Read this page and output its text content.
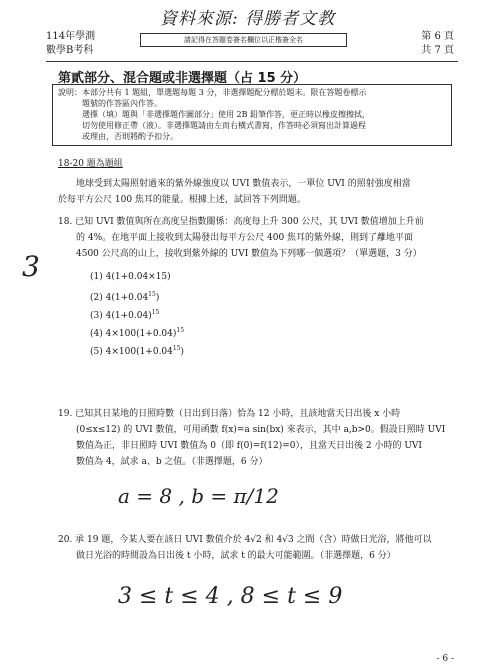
資料來源: 得勝者文教
114年學測
數學B考科
請記得在答題卷簽名欄位以正楷簽全名	第 6 頁
共 7 頁
第貳部分、混合題或非選擇題（占 15 分）
說明：本部分共有 1 題組，單選題每題 3 分，非選擇題配分標於題末。限在答題卷標示
題號的作答區內作答。
選擇（填）題與「非選擇題作圖部分」使用 2B 鉛筆作答，更正時以橡皮擦擦拭，
切勿使用修正帶（液）。非選擇題請由左而右橫式書寫，作答時必須寫出計算過程
或理由，否則將酌予扣分。
18-20 題為題組
地球受到太陽照射過來的紫外線強度以 UVI 數值表示，一單位 UVI 的照射強度相當
於每平方公尺 100 焦耳的能量。根據上述，試回答下列問題。
18. 已知 UVI 數值與所在高度呈指數關係：高度每上升 300 公尺，其 UVI 數值增加上升前
的 4%。在地平面上接收到太陽發出每平方公尺 400 焦耳的紫外線，則到了離地平面
4500 公尺高的山上，接收到紫外線的 UVI 數值為下列哪一個選項？（單選題，3 分）
3	(1) 4(1+0.04×15)
(2) $4(1+0.04^{15})$
(3) $4(1+0.04)^{15}$
(4) $4\times 100(1+0.04)^{15}$
(5) $4\times 100(1+0.04^{15})$
19. 已知其日某地的日照時數（日出到日落）恰為 12 小時，且該地當天日出後 x 小時
(0≤x≤12) 的 UVI 數值，可用函數 f(x)=a sin(bx) 來表示，其中 a,b>0。假設日照時 UVI
數值為正，非日照時 UVI 數值為 0（即 f(0)=f(12)=0），且當天日出後 2 小時的 UVI
數值為 4，試求 a、b 之值。（非選擇題，6 分）
a = 8 , b = π/12
20. 承 19 題，今某人要在該日 UVI 數值介於 4√2 和 4√3 之間（含）時做日光浴，將他可以
做日光浴的時間設為日出後 t 小時，試求 t 的最大可能範圍。（非選擇題，6 分）
3 ≤ t ≤ 4 , 8 ≤ t ≤ 9
- 6 -
